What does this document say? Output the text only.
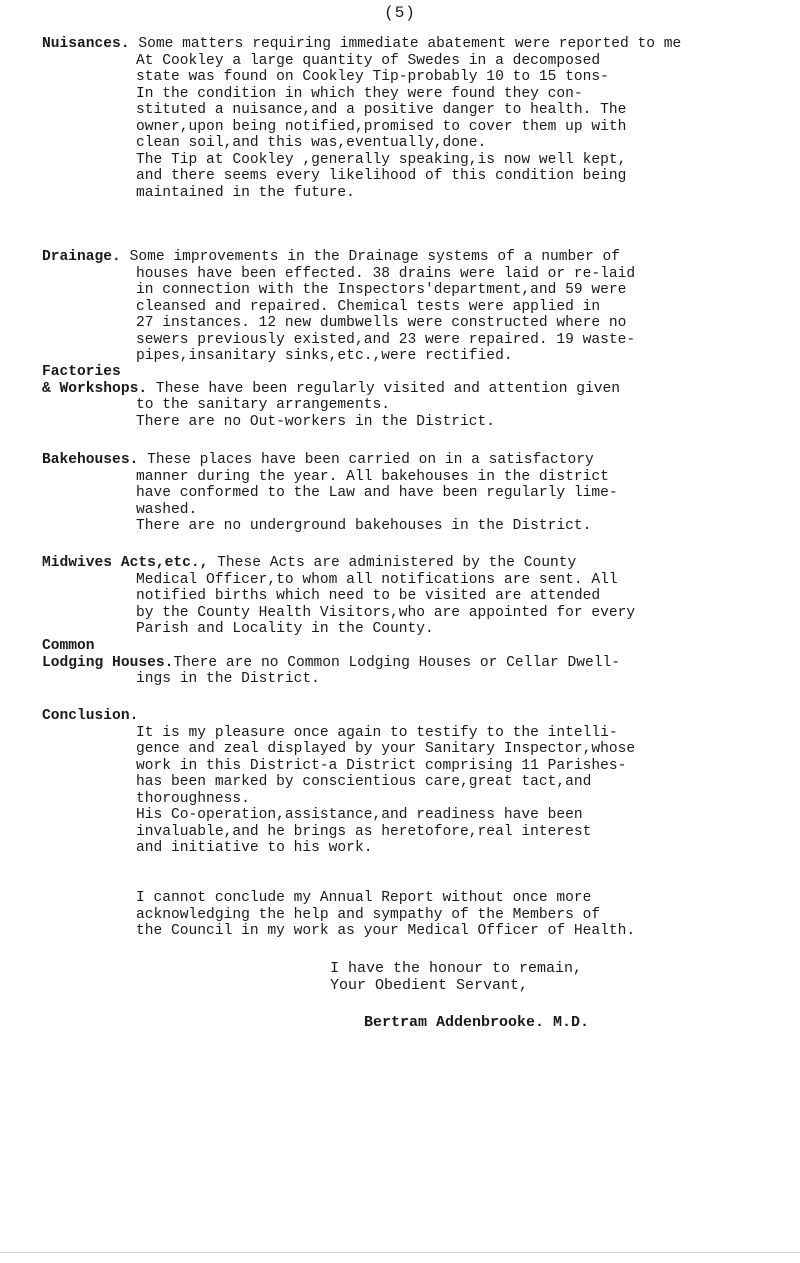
(5)
Nuisances. Some matters requiring immediate abatement were reported to me
At Cookley a large quantity of Swedes in a decomposed
state was found on Cookley Tip-probably 10 to 15 tons-
In the condition in which they were found they con-
stituted a nuisance,and a positive danger to health. The
owner,upon being notified,promised to cover them up with
clean soil,and this was,eventually,done.
The Tip at Cookley ,generally speaking,is now well kept,
and there seems every likelihood of this condition being
maintained in the future.
Drainage. Some improvements in the Drainage systems of a number of
houses have been effected. 38 drains were laid or re-laid
in connection with the Inspectors'department,and 59 were
cleansed and repaired. Chemical tests were applied in
27 instances. 12 new dumbwells were constructed where no
sewers previously existed,and 23 were repaired. 19 waste-
pipes,insanitary sinks,etc.,were rectified.
Factories
& Workshops. These have been regularly visited and attention given
to the sanitary arrangements.
There are no Out-workers in the District.
Bakehouses. These places have been carried on in a satisfactory
manner during the year. All bakehouses in the district
have conformed to the Law and have been regularly lime-
washed.
There are no underground bakehouses in the District.
Midwives Acts,etc., These Acts are administered by the County
Medical Officer,to whom all notifications are sent. All
notified births which need to be visited are attended
by the County Health Visitors,who are appointed for every
Parish and Locality in the County.
Common
Lodging Houses.There are no Common Lodging Houses or Cellar Dwell-
ings in the District.
Conclusion.
It is my pleasure once again to testify to the intelli-
gence and zeal displayed by your Sanitary Inspector,whose
work in this District-a District comprising 11 Parishes-
has been marked by conscientious care,great tact,and
thoroughness.
His Co-operation,assistance,and readiness have been
invaluable,and he brings as heretofore,real interest
and initiative to his work.
I cannot conclude my Annual Report without once more
acknowledging the help and sympathy of the Members of
the Council in my work as your Medical Officer of Health.
I have the honour to remain,
Your Obedient Servant,
Bertram Addenbrooke. M.D.
